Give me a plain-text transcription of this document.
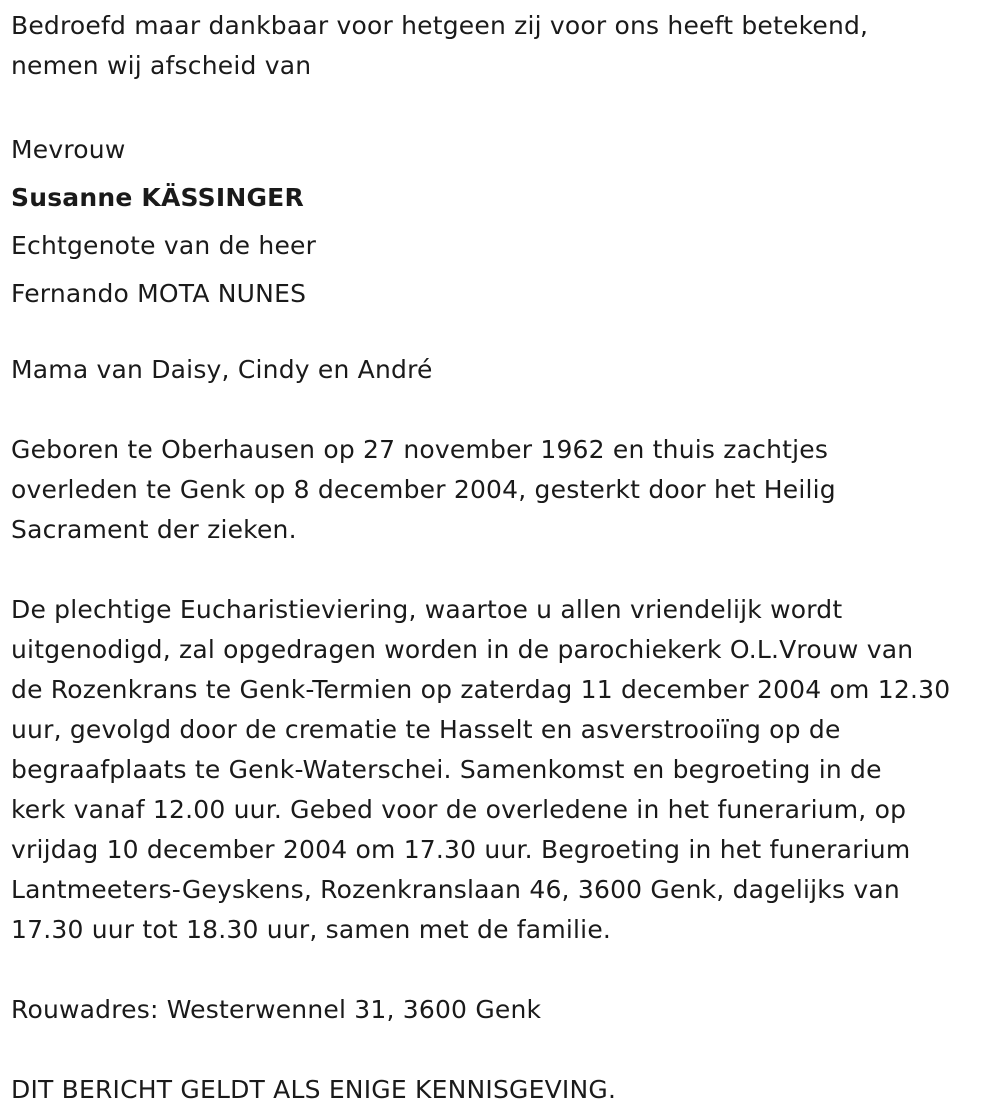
Bedroefd maar dankbaar voor hetgeen zij voor ons heeft betekend,
nemen wij afscheid van
Mevrouw
Susanne KÄSSINGER
Echtgenote van de heer
Fernando MOTA NUNES
Mama van Daisy, Cindy en André
Geboren te Oberhausen op 27 november 1962 en thuis zachtjes
overleden te Genk op 8 december 2004, gesterkt door het Heilig
Sacrament der zieken.
De plechtige Eucharistieviering, waartoe u allen vriendelijk wordt
uitgenodigd, zal opgedragen worden in de parochiekerk O.L.Vrouw van
de Rozenkrans te Genk-Termien op zaterdag 11 december 2004 om 12.30
uur, gevolgd door de crematie te Hasselt en asverstrooiïng op de
begraafplaats te Genk-Waterschei. Samenkomst en begroeting in de
kerk vanaf 12.00 uur. Gebed voor de overledene in het funerarium, op
vrijdag 10 december 2004 om 17.30 uur. Begroeting in het funerarium
Lantmeeters-Geyskens, Rozenkranslaan 46, 3600 Genk, dagelijks van
17.30 uur tot 18.30 uur, samen met de familie.
Rouwadres: Westerwennel 31, 3600 Genk
DIT BERICHT GELDT ALS ENIGE KENNISGEVING.
